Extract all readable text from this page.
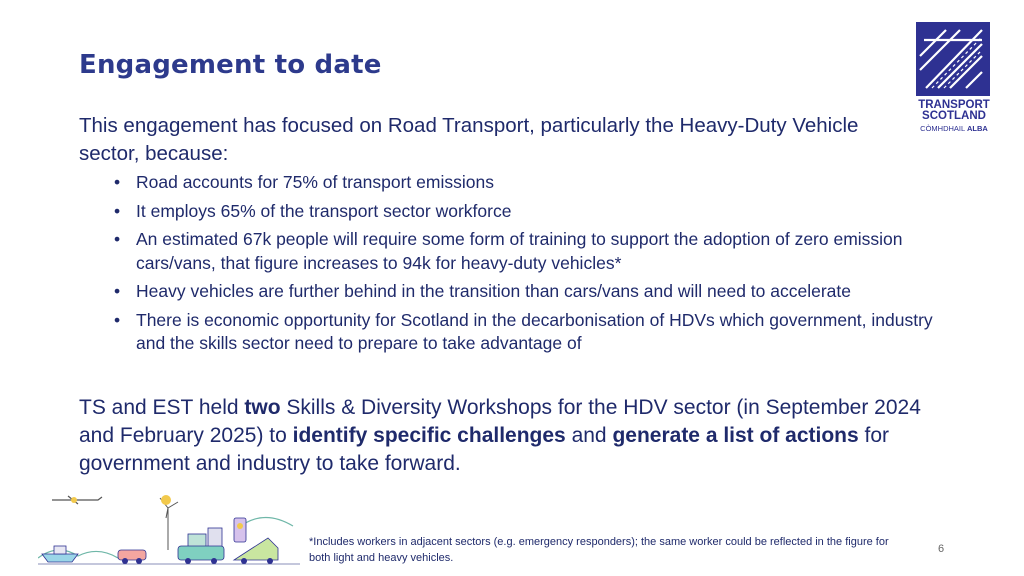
Engagement to date
TRANSPORT
SCOTLAND
CÒMHDHAIL ALBA

This engagement has focused on Road Transport, particularly the Heavy-Duty Vehicle sector, because:

• Road accounts for 75% of transport emissions
• It employs 65% of the transport sector workforce
• An estimated 67k people will require some form of training to support the adoption of zero emission cars/vans, that figure increases to 94k for heavy-duty vehicles*
• Heavy vehicles are further behind in the transition than cars/vans and will need to accelerate
• There is economic opportunity for Scotland in the decarbonisation of HDVs which government, industry and the skills sector need to prepare to take advantage of

TS and EST held two Skills & Diversity Workshops for the HDV sector (in September 2024 and February 2025) to identify specific challenges and generate a list of actions for government and industry to take forward.

*Includes workers in adjacent sectors (e.g. emergency responders); the same worker could be reflected in the figure for both light and heavy vehicles.

6
